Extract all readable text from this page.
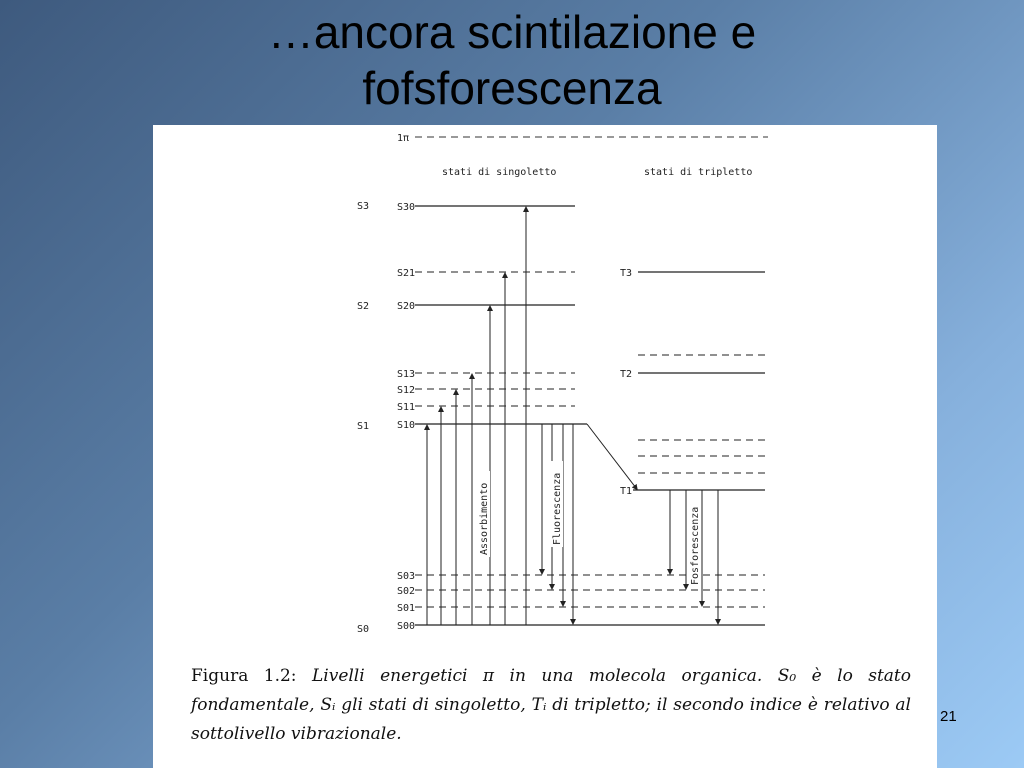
…ancora scintilazione e
fofsforescenza
1π
stati di singoletto	stati di tripletto
S3
S2
S1
S0
S30
S21
S20
S13
S12
S11
S10
S03
S02
S01
S00
T3
T2
T1
Assorbimento	Fluorescenza	Fosforescenza
Figura 1.2: Livelli energetici π in una molecola organica. S₀ è lo stato fondamentale, Sᵢ gli stati di singoletto, Tᵢ di tripletto; il secondo indice è relativo al sottolivello vibrazionale.
21
